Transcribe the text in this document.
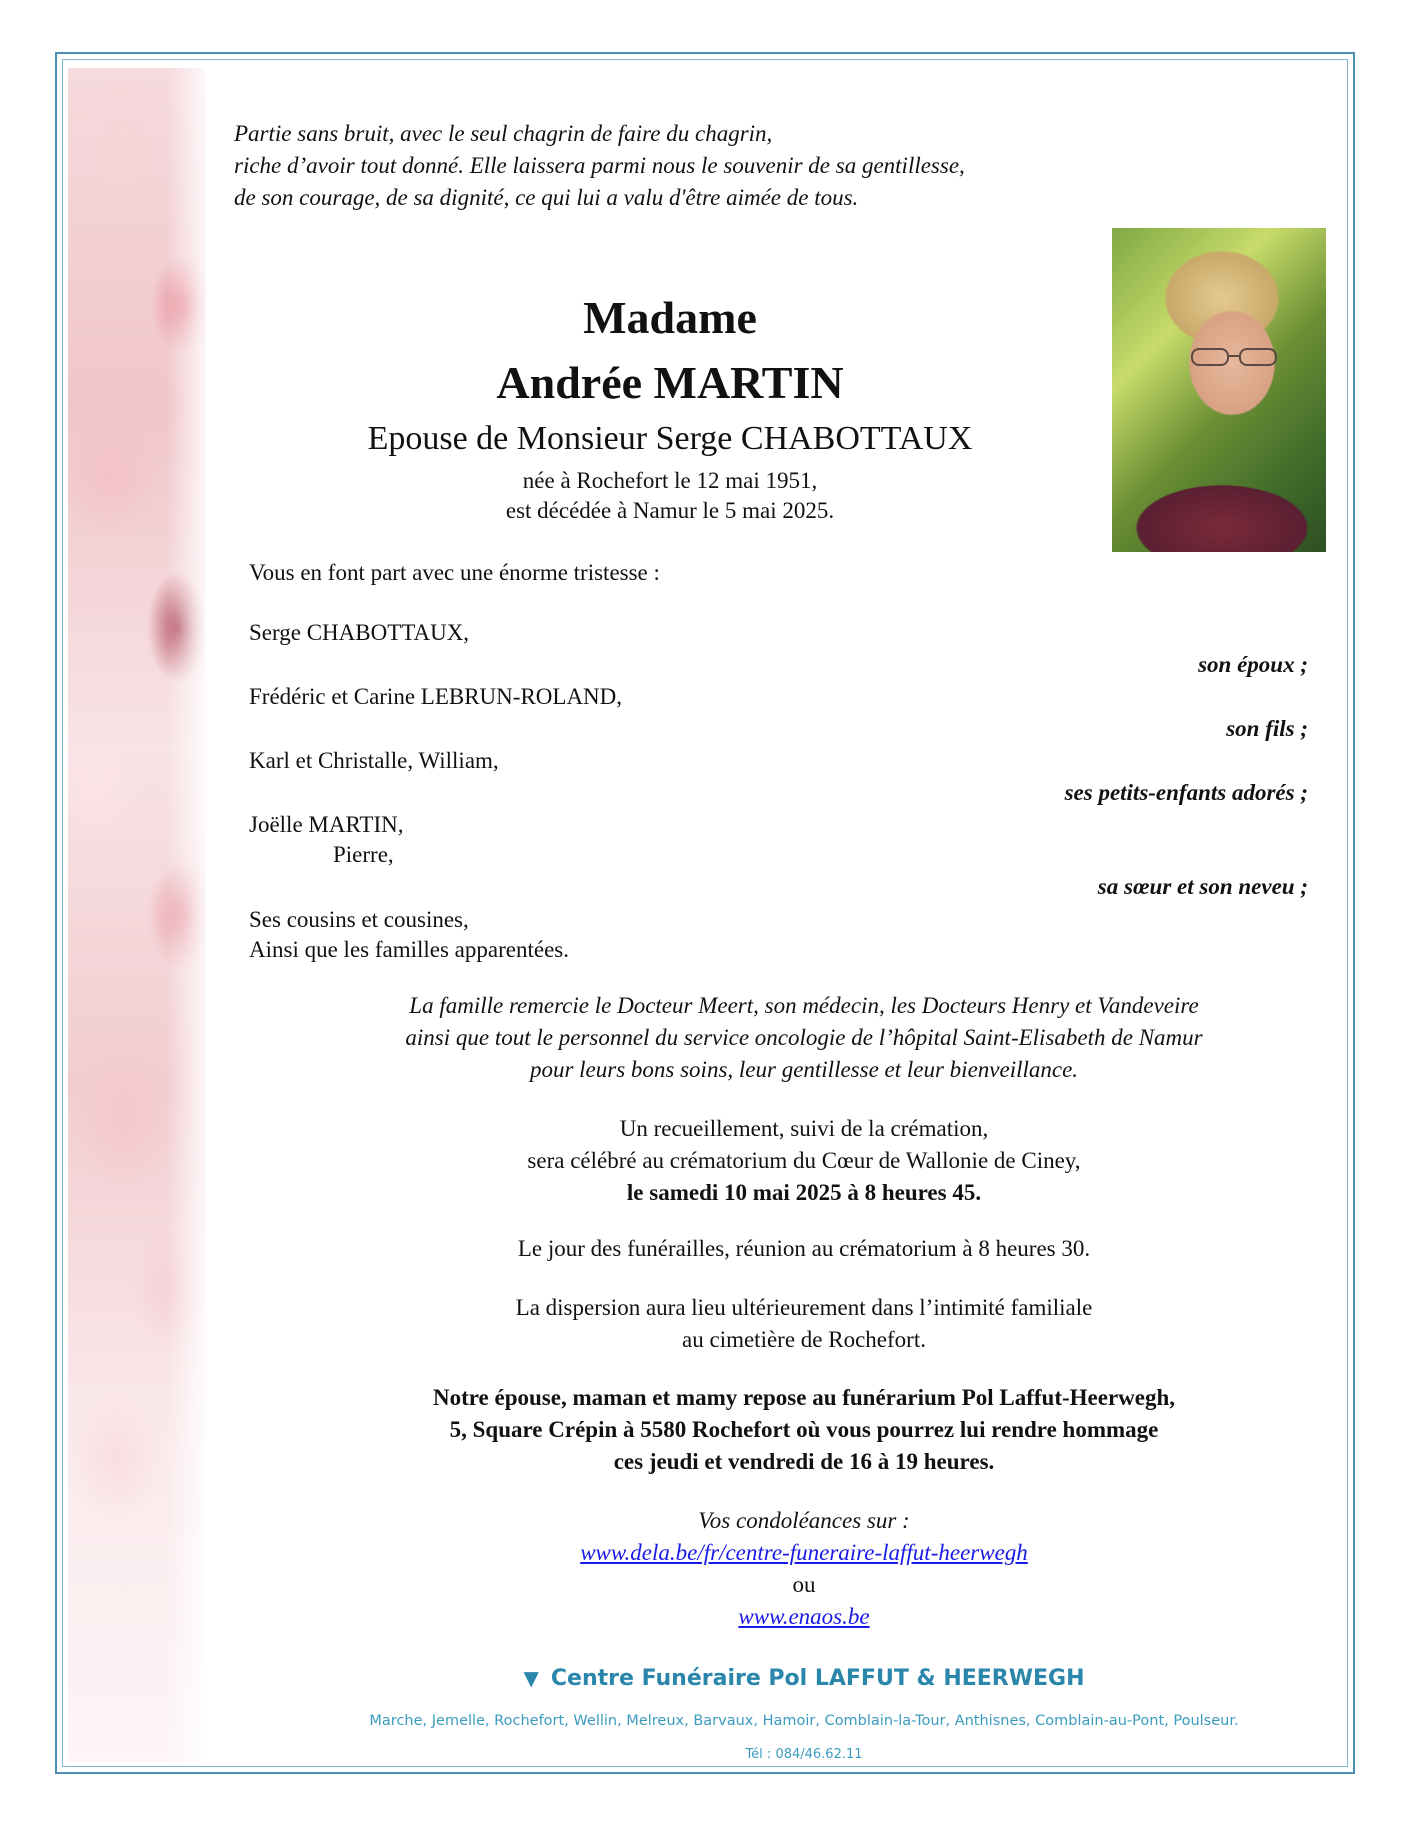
Partie sans bruit, avec le seul chagrin de faire du chagrin,
riche d’avoir tout donné. Elle laissera parmi nous le souvenir de sa gentillesse,
de son courage, de sa dignité, ce qui lui a valu d'être aimée de tous.
Madame
Andrée MARTIN
Epouse de Monsieur Serge CHABOTTAUX
née à Rochefort le 12 mai 1951,
est décédée à Namur le 5 mai 2025.
Vous en font part avec une énorme tristesse :
Serge CHABOTTAUX,
son époux ;
Frédéric et Carine LEBRUN-ROLAND,
son fils ;
Karl et Christalle, William,
ses petits-enfants adorés ;
Joëlle MARTIN,
Pierre,
sa sœur et son neveu ;
Ses cousins et cousines,
Ainsi que les familles apparentées.

La famille remercie le Docteur Meert, son médecin, les Docteurs Henry et Vandeveire

ainsi que tout le personnel du service oncologie de l’hôpital Saint-Elisabeth de Namur

pour leurs bons soins, leur gentillesse et leur bienveillance.

Un recueillement, suivi de la crémation,

sera célébré au crématorium du Cœur de Wallonie de Ciney,

le samedi 10 mai 2025 à 8 heures 45.

Le jour des funérailles, réunion au crématorium à 8 heures 30.

La dispersion aura lieu ultérieurement dans l’intimité familiale

au cimetière de Rochefort.

Notre épouse, maman et mamy repose au funérarium Pol Laffut-Heerwegh,

5, Square Crépin à 5580 Rochefort où vous pourrez lui rendre hommage

ces jeudi et vendredi de 16 à 19 heures.

Vos condoléances sur :

www.dela.be/fr/centre-funeraire-laffut-heerwegh

ou

www.enaos.be

▼ Centre Funéraire Pol LAFFUT & HEERWEGH
Marche, Jemelle, Rochefort, Wellin, Melreux, Barvaux, Hamoir, Comblain-la-Tour, Anthisnes, Comblain-au-Pont, Poulseur.
Tél : 084/46.62.11
